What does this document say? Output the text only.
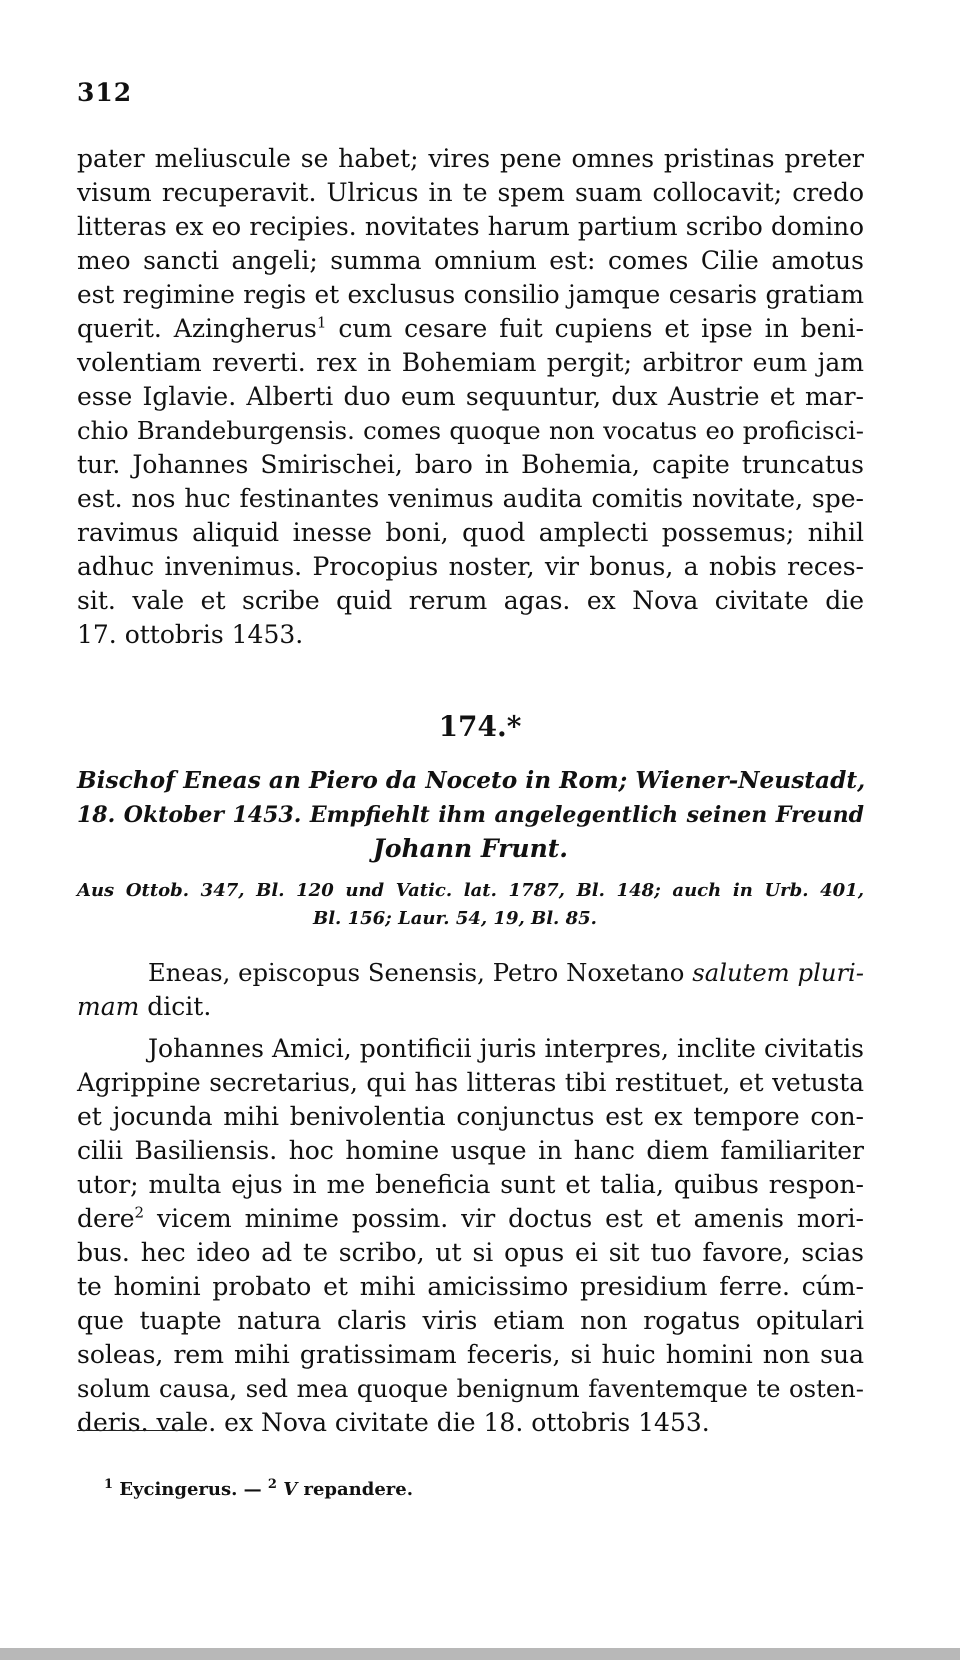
312
pater meliuscule se habet; vires pene omnes pristinas preter
visum recuperavit. Ulricus in te spem suam collocavit; credo
litteras ex eo recipies. novitates harum partium scribo domino
meo sancti angeli; summa omnium est: comes Cilie amotus
est regimine regis et exclusus consilio jamque cesaris gratiam
querit. Azingherus$^1$ cum cesare fuit cupiens et ipse in beni-
volentiam reverti. rex in Bohemiam pergit; arbitror eum jam
esse Iglavie. Alberti duo eum sequuntur, dux Austrie et mar-
chio Brandeburgensis. comes quoque non vocatus eo proficisci-
tur. Johannes Smirischei, baro in Bohemia, capite truncatus
est. nos huc festinantes venimus audita comitis novitate, spe-
ravimus aliquid inesse boni, quod amplecti possemus; nihil
adhuc invenimus. Procopius noster, vir bonus, a nobis reces-
sit. vale et scribe quid rerum agas. ex Nova civitate die
17. ottobris 1453.
174.*
Bischof Eneas an Piero da Noceto in Rom; Wiener-Neustadt,
18. Oktober 1453. Empfiehlt ihm angelegentlich seinen Freund
Johann Frunt.
Aus Ottob. 347, Bl. 120 und Vatic. lat. 1787, Bl. 148; auch in Urb. 401,
Bl. 156; Laur. 54, 19, Bl. 85.
Eneas, episcopus Senensis, Petro Noxetano salutem pluri-
mam dicit.
Johannes Amici, pontificii juris interpres, inclite civitatis
Agrippine secretarius, qui has litteras tibi restituet, et vetusta
et jocunda mihi benivolentia conjunctus est ex tempore con-
cilii Basiliensis. hoc homine usque in hanc diem familiariter
utor; multa ejus in me beneficia sunt et talia, quibus respon-
dere$^2$ vicem minime possim. vir doctus est et amenis mori-
bus. hec ideo ad te scribo, ut si opus ei sit tuo favore, scias
te homini probato et mihi amicissimo presidium ferre. cúm-
que tuapte natura claris viris etiam non rogatus opitulari
soleas, rem mihi gratissimam feceris, si huic homini non sua
solum causa, sed mea quoque benignum faventemque te osten-
deris. vale. ex Nova civitate die 18. ottobris 1453.
$^1$ Eycingerus. — $^2$ V repandere.
